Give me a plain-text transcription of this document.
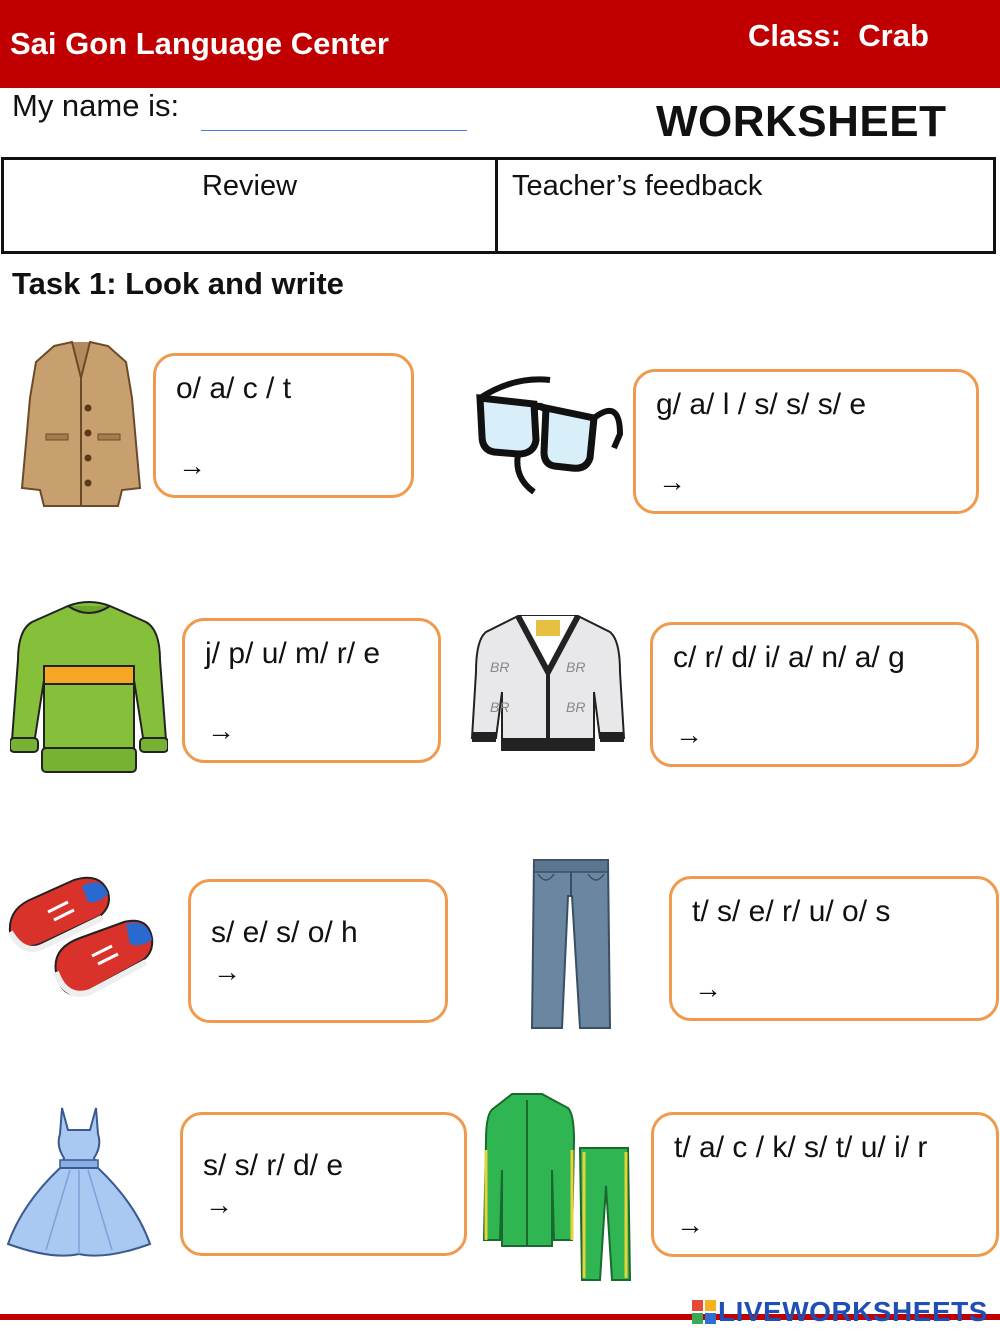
Sai Gon Language Center	Class:  Crab
My name is:	WORKSHEET
Review	Teacher’s feedback
Task 1: Look and write
o/ a/ c / t
→
g/ a/ l / s/ s/ s/ e
→
j/ p/ u/ m/ r/ e
→
BR	BR
BR	BR
c/ r/ d/ i/ a/ n/ a/ g
→
s/ e/ s/ o/ h
→
t/ s/ e/ r/ u/ o/ s
→
s/ s/ r/ d/ e
→
t/ a/ c / k/ s/ t/ u/ i/ r
→
LIVEWORKSHEETS
